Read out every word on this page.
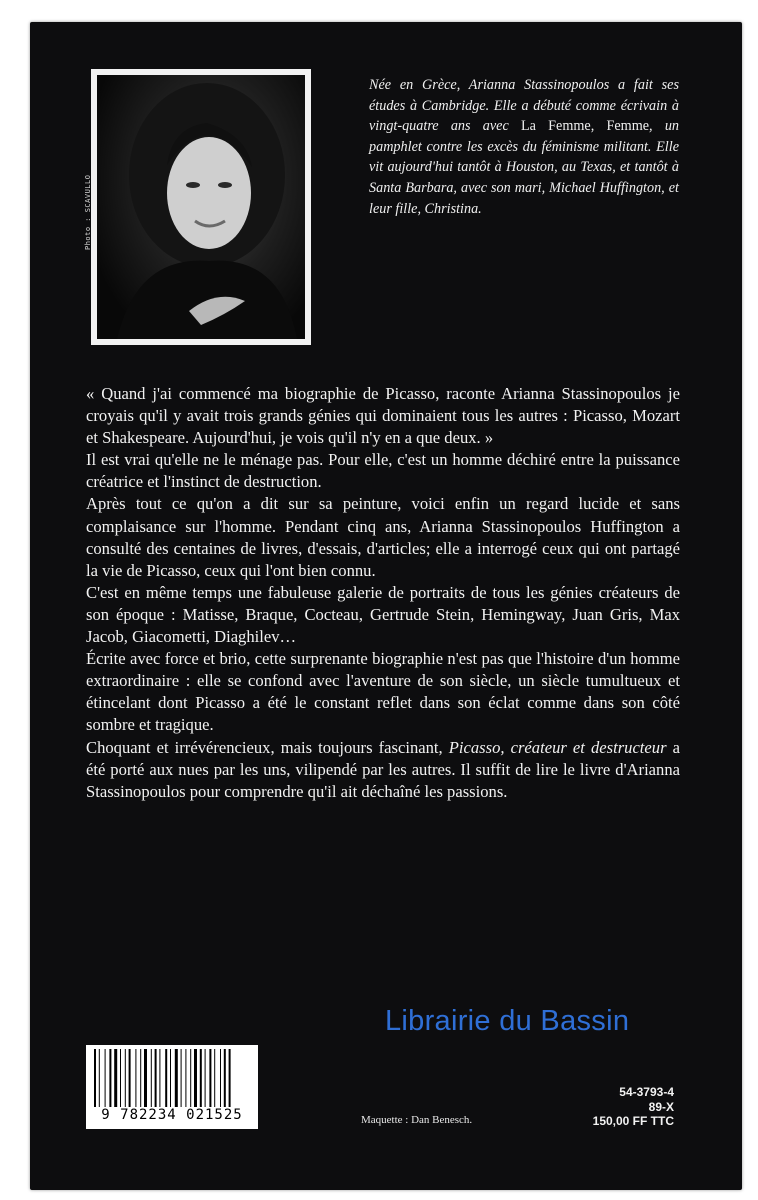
Photo : SCAVULLO
Née en Grèce, Arianna Stassinopoulos a fait ses études à Cambridge. Elle a débuté comme écrivain à vingt-quatre ans avec La Femme, Femme, un pamphlet contre les excès du féminisme militant. Elle vit aujourd'hui tantôt à Houston, au Texas, et tantôt à Santa Barbara, avec son mari, Michael Huffington, et leur fille, Christina.

« Quand j'ai commencé ma biographie de Picasso, raconte Arianna Stassinopoulos je croyais qu'il y avait trois grands génies qui dominaient tous les autres : Picasso, Mozart et Shakespeare. Aujourd'hui, je vois qu'il n'y en a que deux. »

Il est vrai qu'elle ne le ménage pas. Pour elle, c'est un homme déchiré entre la puissance créatrice et l'instinct de destruction.

Après tout ce qu'on a dit sur sa peinture, voici enfin un regard lucide et sans complaisance sur l'homme. Pendant cinq ans, Arianna Stassinopoulos Huffington a consulté des centaines de livres, d'essais, d'articles; elle a interrogé ceux qui ont partagé la vie de Picasso, ceux qui l'ont bien connu.

C'est en même temps une fabuleuse galerie de portraits de tous les génies créateurs de son époque : Matisse, Braque, Cocteau, Gertrude Stein, Hemingway, Juan Gris, Max Jacob, Giacometti, Diaghilev…

Écrite avec force et brio, cette surprenante biographie n'est pas que l'histoire d'un homme extraordinaire : elle se confond avec l'aventure de son siècle, un siècle tumultueux et étincelant dont Picasso a été le constant reflet dans son éclat comme dans son côté sombre et tragique.

Choquant et irrévérencieux, mais toujours fascinant, Picasso, créateur et destructeur a été porté aux nues par les uns, vilipendé par les autres. Il suffit de lire le livre d'Arianna Stassinopoulos pour comprendre qu'il ait déchaîné les passions.

Librairie du Bassin
9 782234 021525	Maquette : Dan Benesch.
54-3793-4
89-X
150,00 FF TTC
